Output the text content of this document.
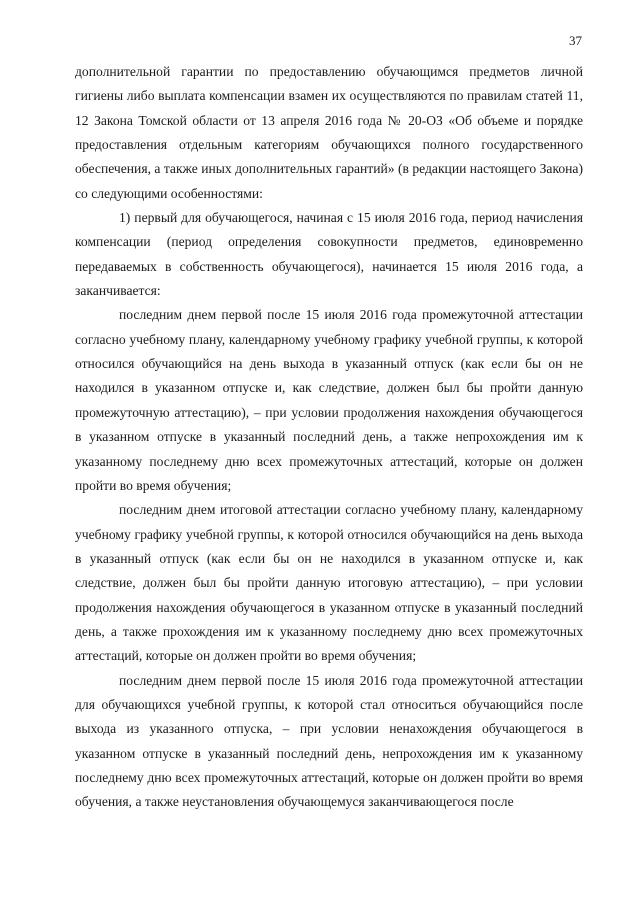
37

дополнительной гарантии по предоставлению обучающимся предметов личной гигиены либо выплата компенсации взамен их осуществляются по правилам статей 11, 12 Закона Томской области от 13 апреля 2016 года № 20-ОЗ «Об объеме и порядке предоставления отдельным категориям обучающихся полного государственного обеспечения, а также иных дополнительных гарантий» (в редакции настоящего Закона) со следующими особенностями:

1) первый для обучающегося, начиная с 15 июля 2016 года, период начисления компенсации (период определения совокупности предметов, единовременно передаваемых в собственность обучающегося), начинается 15 июля 2016 года, а заканчивается:

последним днем первой после 15 июля 2016 года промежуточной аттестации согласно учебному плану, календарному учебному графику учебной группы, к которой относился обучающийся на день выхода в указанный отпуск (как если бы он не находился в указанном отпуске и, как следствие, должен был бы пройти данную промежуточную аттестацию), – при условии продолжения нахождения обучающегося в указанном отпуске в указанный последний день, а также непрохождения им к указанному последнему дню всех промежуточных аттестаций, которые он должен пройти во время обучения;

последним днем итоговой аттестации согласно учебному плану, календарному учебному графику учебной группы, к которой относился обучающийся на день выхода в указанный отпуск (как если бы он не находился в указанном отпуске и, как следствие, должен был бы пройти данную итоговую аттестацию), – при условии продолжения нахождения обучающегося в указанном отпуске в указанный последний день, а также прохождения им к указанному последнему дню всех промежуточных аттестаций, которые он должен пройти во время обучения;

последним днем первой после 15 июля 2016 года промежуточной аттестации для обучающихся учебной группы, к которой стал относиться обучающийся после выхода из указанного отпуска, – при условии ненахождения обучающегося в указанном отпуске в указанный последний день, непрохождения им к указанному последнему дню всех промежуточных аттестаций, которые он должен пройти во время обучения, а также неустановления обучающемуся заканчивающегося после
